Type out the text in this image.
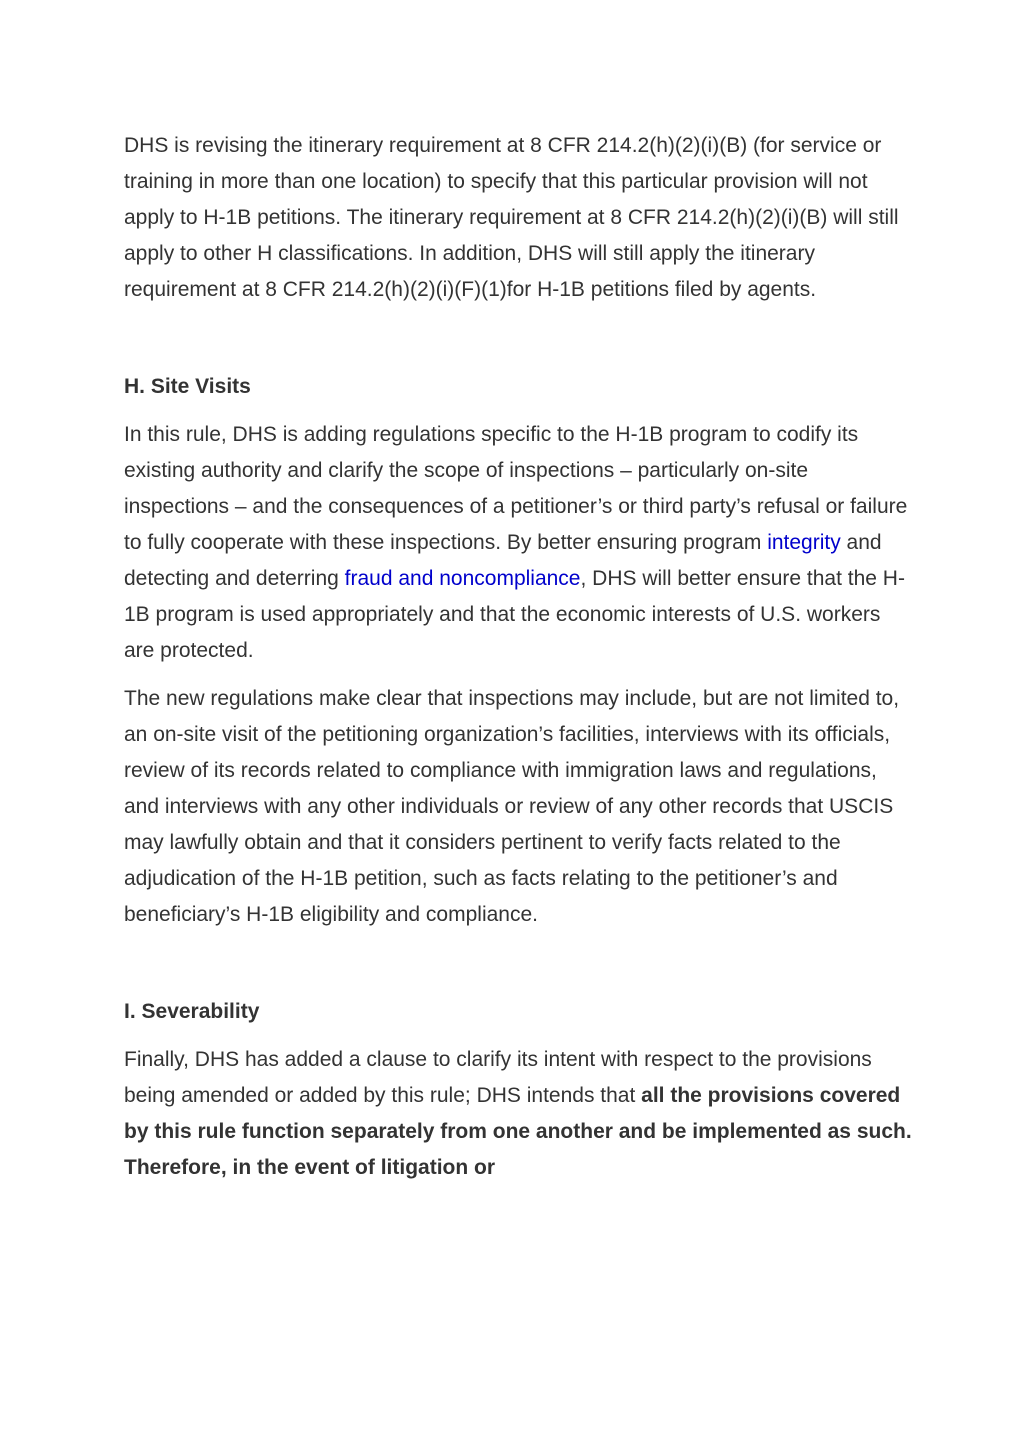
DHS is revising the itinerary requirement at 8 CFR 214.2(h)(2)(i)(B) (for service or training in more than one location) to specify that this particular provision will not apply to H-1B petitions. The itinerary requirement at 8 CFR 214.2(h)(2)(i)(B) will still apply to other H classifications. In addition, DHS will still apply the itinerary requirement at 8 CFR 214.2(h)(2)(i)(F)(1)for H-1B petitions filed by agents.

H. Site Visits

In this rule, DHS is adding regulations specific to the H-1B program to codify its existing authority and clarify the scope of inspections – particularly on-site inspections – and the consequences of a petitioner’s or third party’s refusal or failure to fully cooperate with these inspections. By better ensuring program integrity and detecting and deterring fraud and noncompliance, DHS will better ensure that the H-1B program is used appropriately and that the economic interests of U.S. workers are protected.

The new regulations make clear that inspections may include, but are not limited to, an on-site visit of the petitioning organization’s facilities, interviews with its officials, review of its records related to compliance with immigration laws and regulations, and interviews with any other individuals or review of any other records that USCIS may lawfully obtain and that it considers pertinent to verify facts related to the adjudication of the H-1B petition, such as facts relating to the petitioner’s and beneficiary’s H-1B eligibility and compliance.

I. Severability

Finally, DHS has added a clause to clarify its intent with respect to the provisions being amended or added by this rule; DHS intends that all the provisions covered by this rule function separately from one another and be implemented as such. Therefore, in the event of litigation or
